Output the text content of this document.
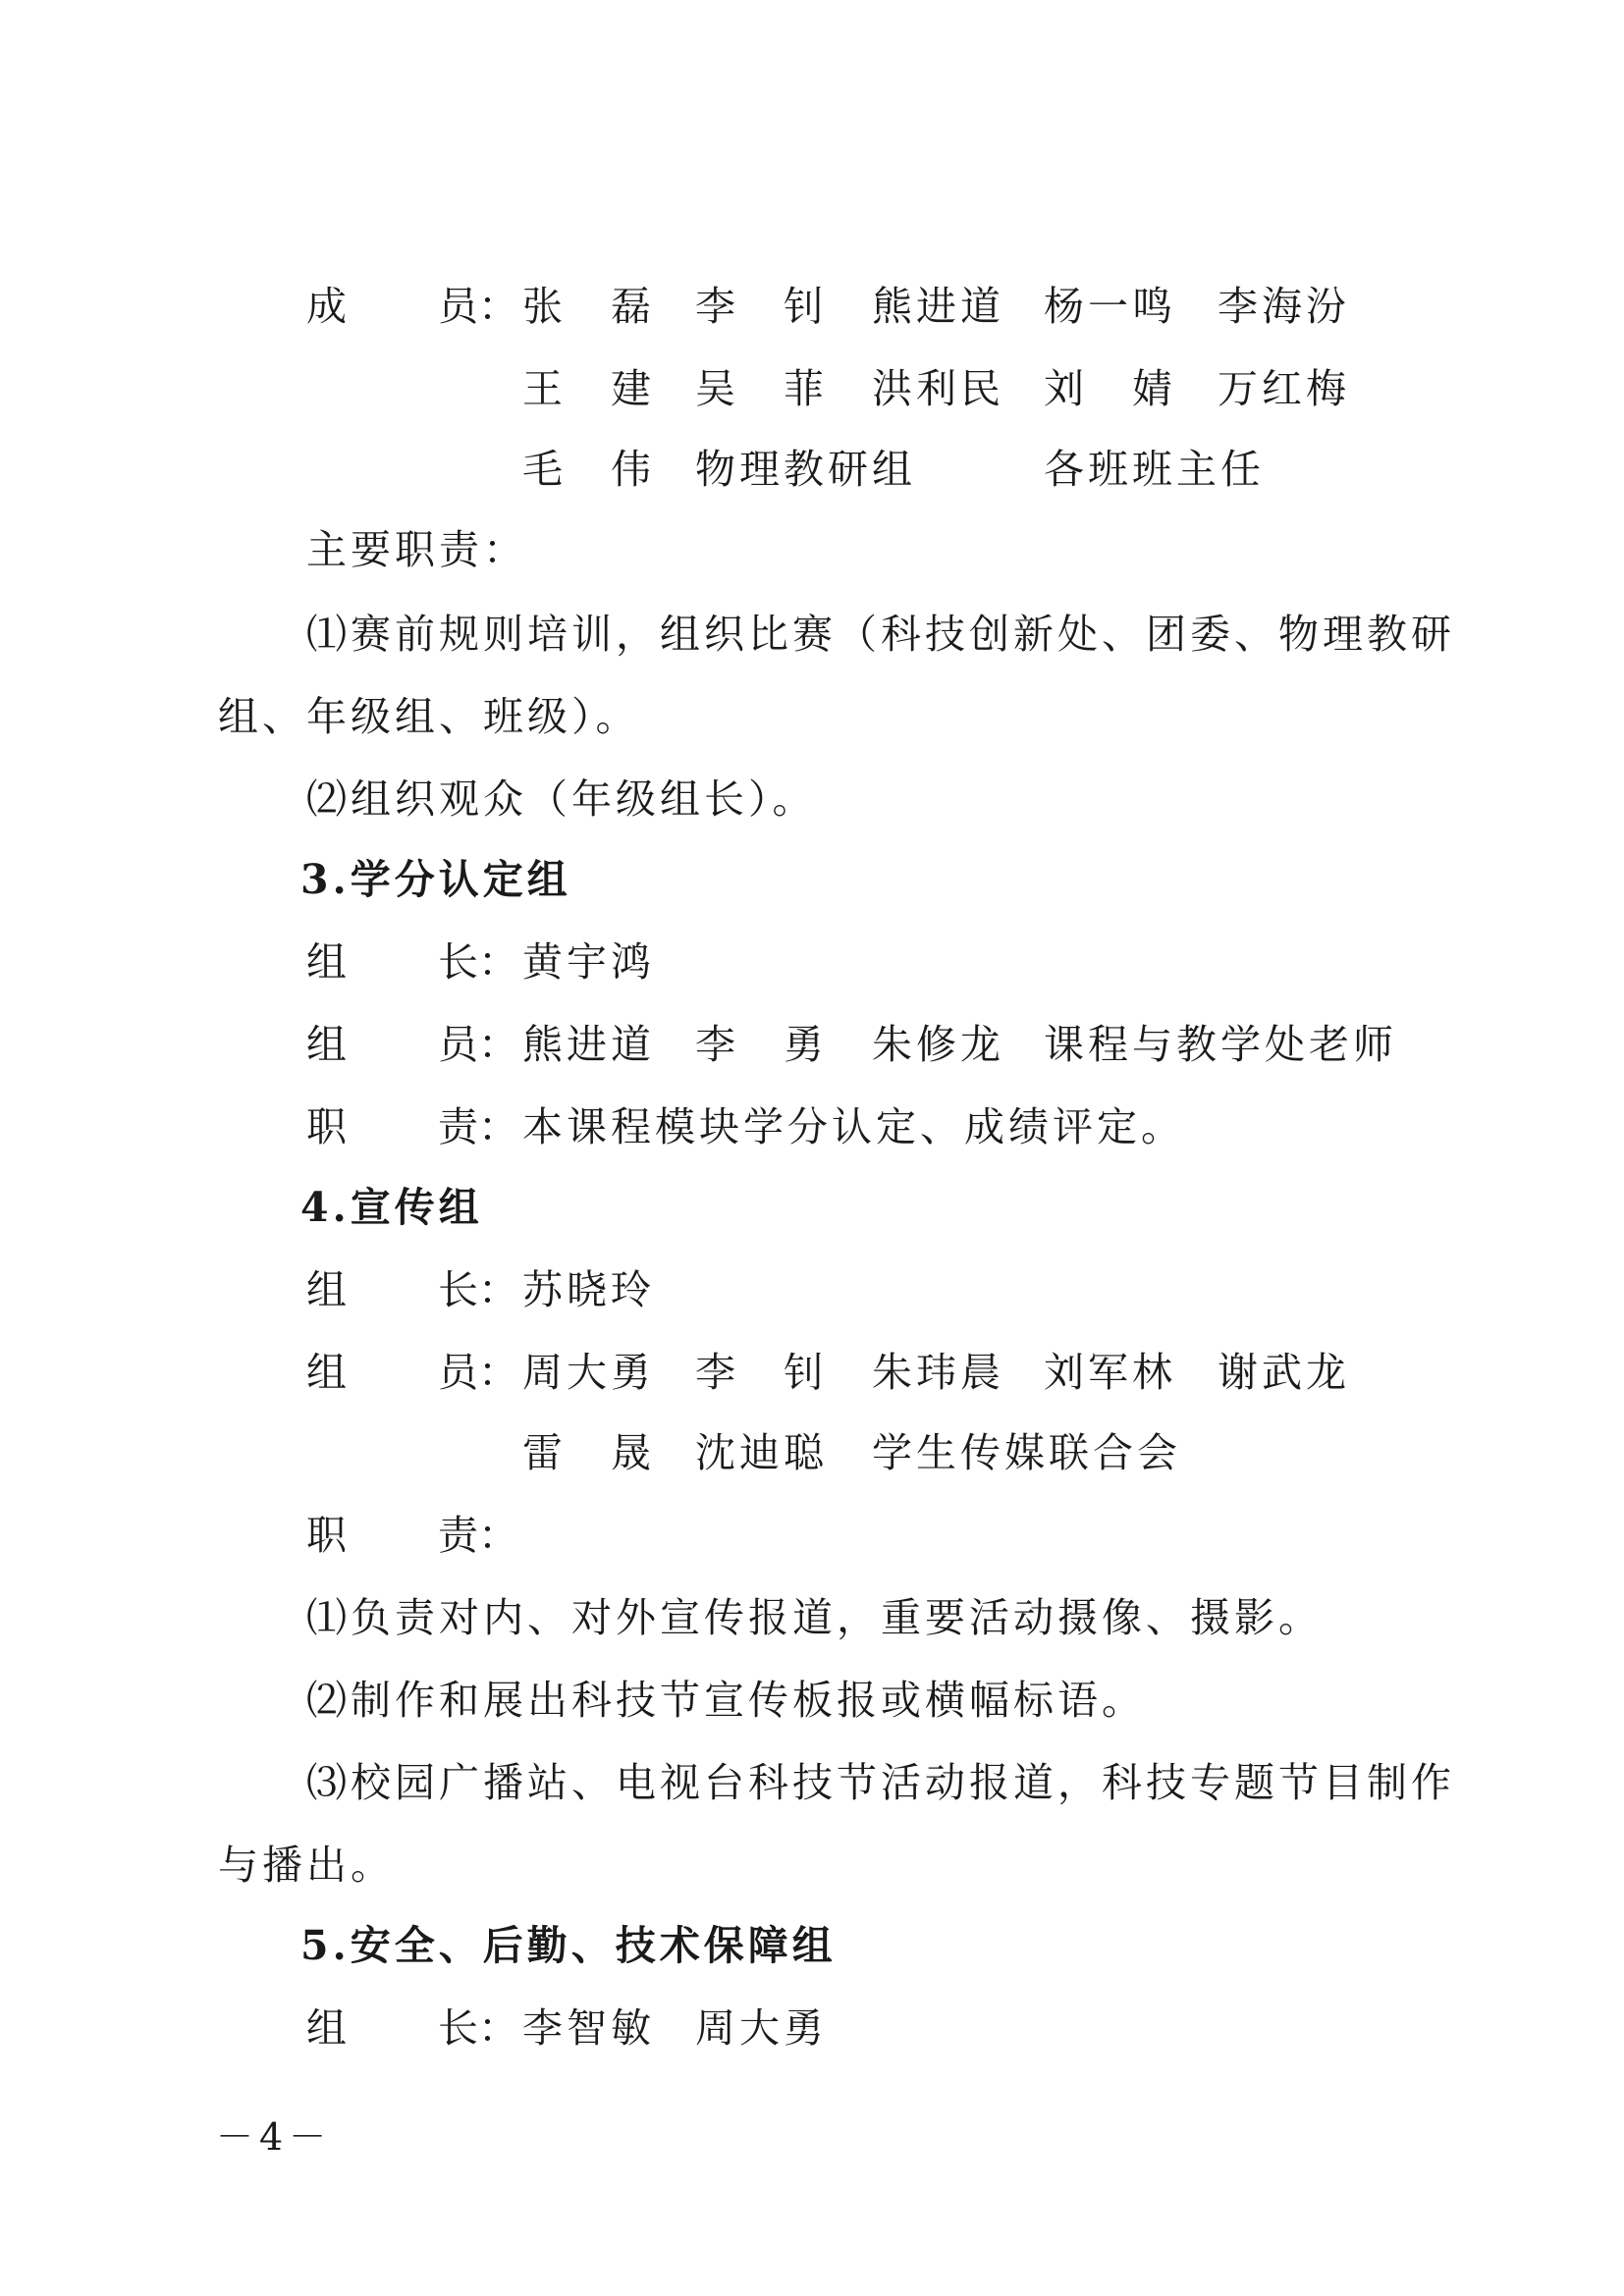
成 员： 张　磊 李　钊 熊进道 杨一鸣 李海汾
王　建 吴　菲 洪利民 刘　婧 万红梅
毛　伟 物理教研组	各班班主任
主要职责：
⑴赛前规则培训，组织比赛（科技创新处、团委、物理教研
组、年级组、班级）。
⑵组织观众（年级组长）。
3.学分认定组
组 长： 黄宇鸿
组 员： 熊进道 李　勇 朱修龙 课程与教学处老师
职 责： 本课程模块学分认定、成绩评定。
4.宣传组
组 长： 苏晓玲
组 员： 周大勇 李　钊 朱玮晨 刘军林 谢武龙
雷　晟 沈迪聪 学生传媒联合会
职 责：
⑴负责对内、对外宣传报道，重要活动摄像、摄影。
⑵制作和展出科技节宣传板报或横幅标语。
⑶校园广播站、电视台科技节活动报道，科技专题节目制作
与播出。
5.安全、后勤、技术保障组
组 长： 李智敏 周大勇
－4－
